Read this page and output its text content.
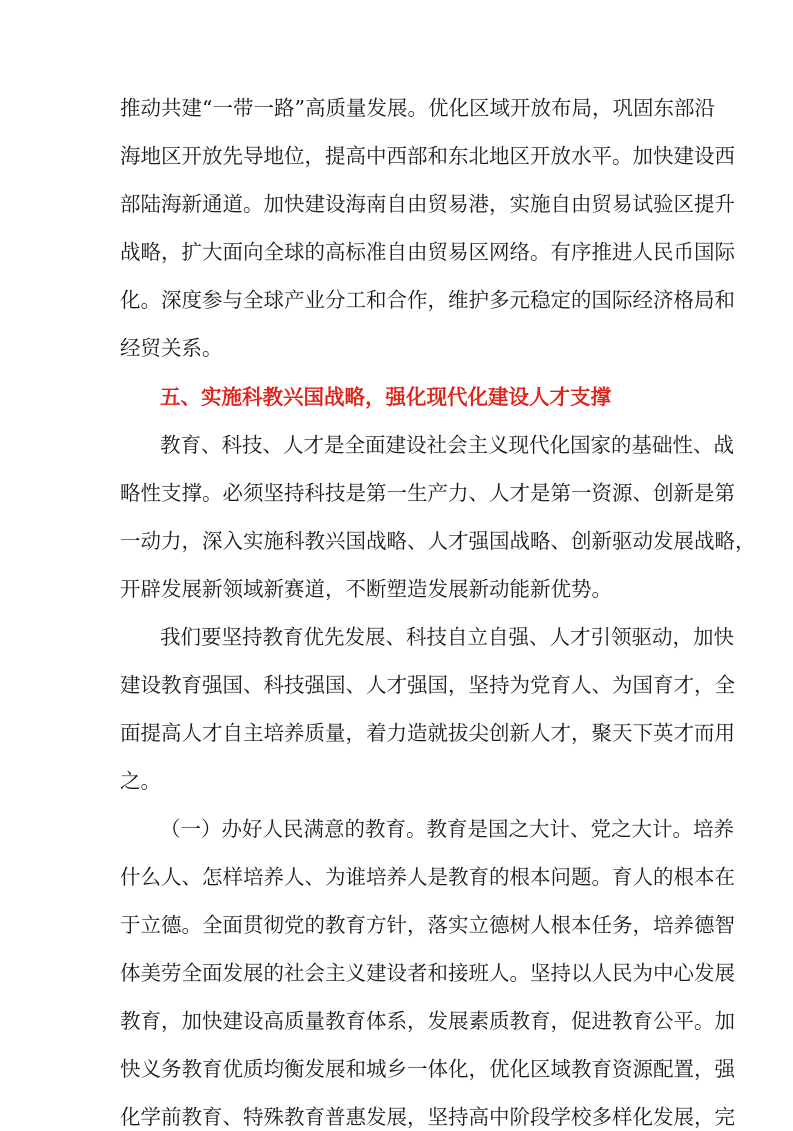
推动共建“一带一路”高质量发展。优化区域开放布局，巩固东部沿
海地区开放先导地位，提高中西部和东北地区开放水平。加快建设西
部陆海新通道。加快建设海南自由贸易港，实施自由贸易试验区提升
战略，扩大面向全球的高标准自由贸易区网络。有序推进人民币国际
化。深度参与全球产业分工和合作，维护多元稳定的国际经济格局和
经贸关系。
五、实施科教兴国战略，强化现代化建设人才支撑
教育、科技、人才是全面建设社会主义现代化国家的基础性、战
略性支撑。必须坚持科技是第一生产力、人才是第一资源、创新是第
一动力，深入实施科教兴国战略、人才强国战略、创新驱动发展战略，
开辟发展新领域新赛道，不断塑造发展新动能新优势。
我们要坚持教育优先发展、科技自立自强、人才引领驱动，加快
建设教育强国、科技强国、人才强国，坚持为党育人、为国育才，全
面提高人才自主培养质量，着力造就拔尖创新人才，聚天下英才而用
之。
（一）办好人民满意的教育。教育是国之大计、党之大计。培养
什么人、怎样培养人、为谁培养人是教育的根本问题。育人的根本在
于立德。全面贯彻党的教育方针，落实立德树人根本任务，培养德智
体美劳全面发展的社会主义建设者和接班人。坚持以人民为中心发展
教育，加快建设高质量教育体系，发展素质教育，促进教育公平。加
快义务教育优质均衡发展和城乡一体化，优化区域教育资源配置，强
化学前教育、特殊教育普惠发展，坚持高中阶段学校多样化发展，完
